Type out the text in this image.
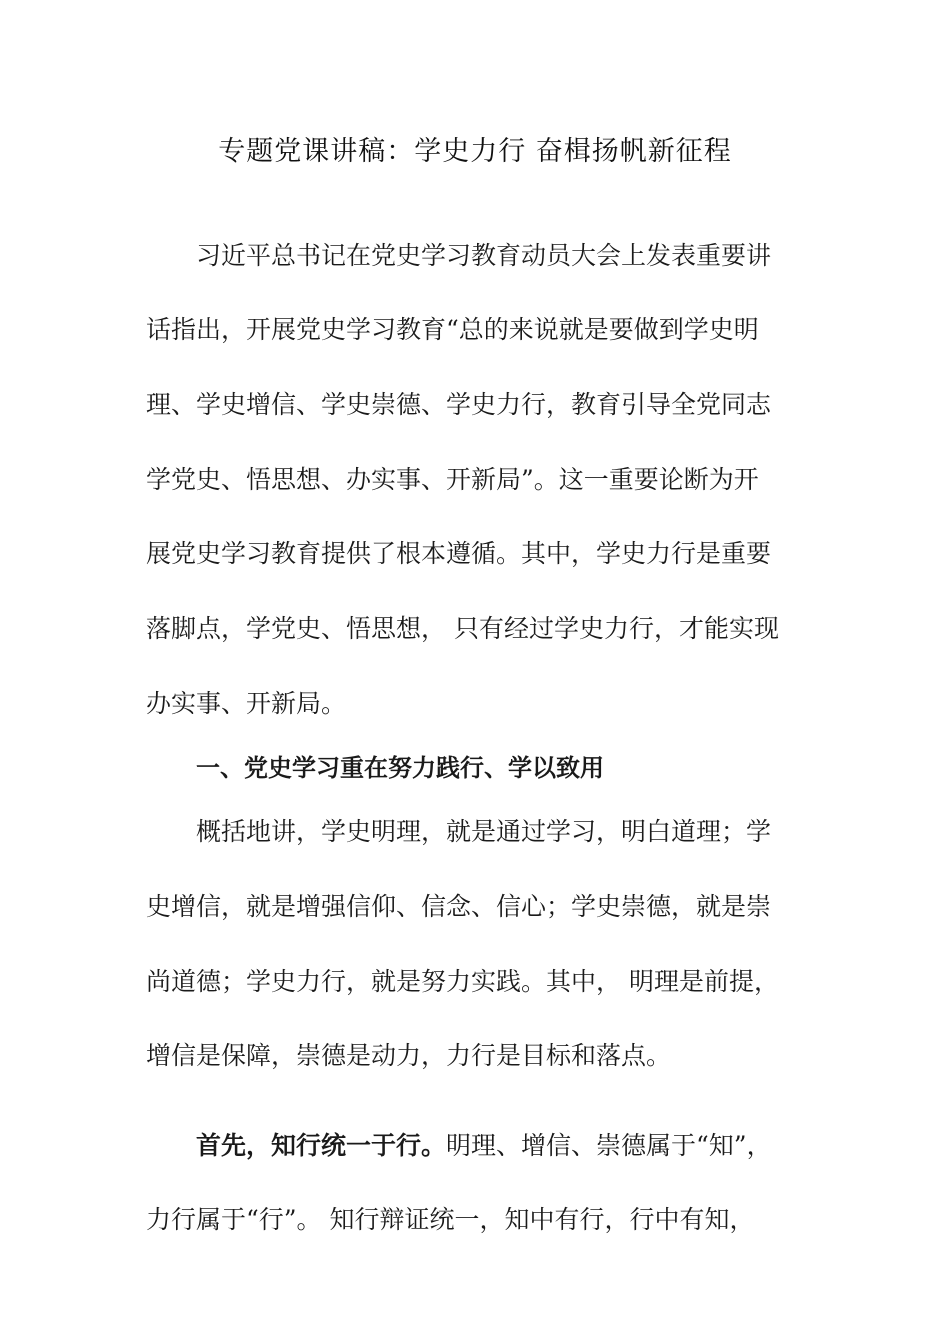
专题党课讲稿：学史力行 奋楫扬帆新征程
习近平总书记在党史学习教育动员大会上发表重要讲
话指出，开展党史学习教育“总的来说就是要做到学史明
理、学史增信、学史崇德、学史力行，教育引导全党同志
学党史、悟思想、办实事、开新局”。这一重要论断为开
展党史学习教育提供了根本遵循。其中，学史力行是重要
落脚点，学党史、悟思想， 只有经过学史力行，才能实现
办实事、开新局。
一、党史学习重在努力践行、学以致用
概括地讲，学史明理，就是通过学习，明白道理；学
史增信，就是增强信仰、信念、信心；学史崇德，就是崇
尚道德；学史力行，就是努力实践。其中， 明理是前提，
增信是保障，崇德是动力，力行是目标和落点。
首先，知行统一于行。明理、增信、崇德属于“知”，
力行属于“行”。 知行辩证统一，知中有行，行中有知，
